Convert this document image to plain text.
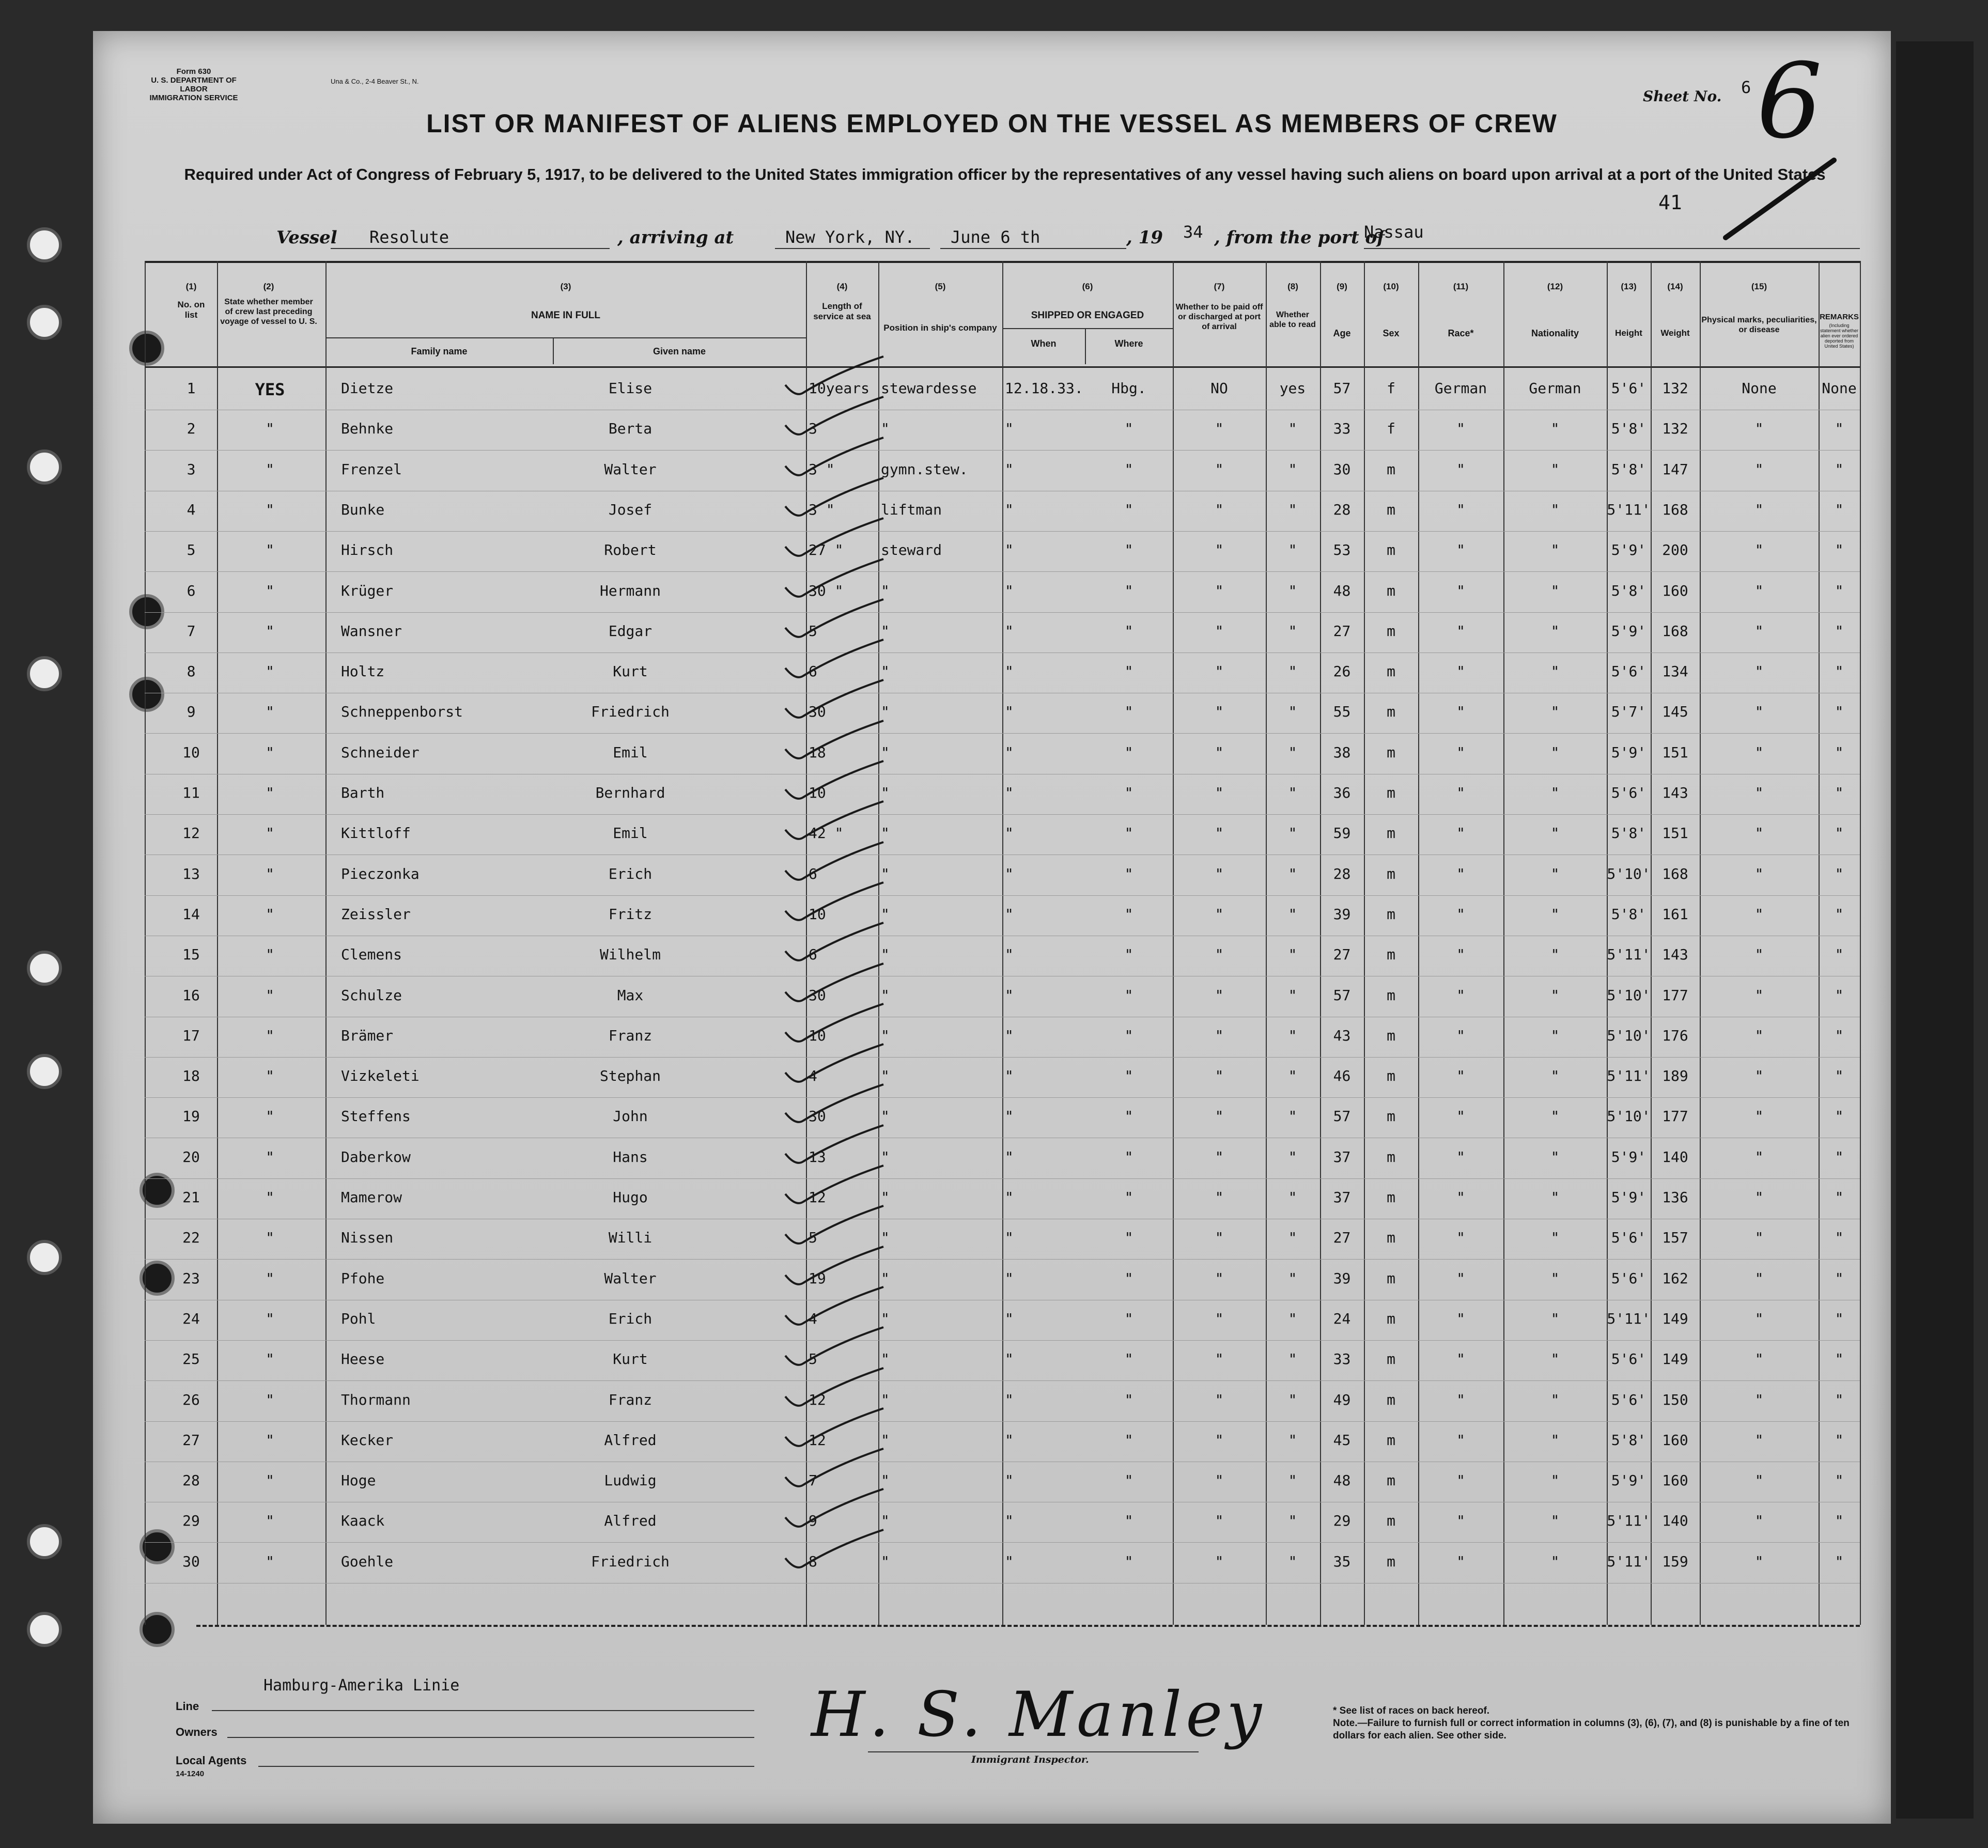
Form 630
U. S. DEPARTMENT OF LABOR
IMMIGRATION SERVICE
Una & Co., 2-4 Beaver St., N.
LIST OR MANIFEST OF ALIENS EMPLOYED ON THE VESSEL AS MEMBERS OF CREW
Required under Act of Congress of February 5, 1917, to be delivered to the United States immigration officer by the representatives of any vessel having such aliens on board upon arrival at a port of the United States
Sheet No. 6 6
41
Vessel Resolute	, arriving at	New York, NY. June 6 th	, 19 34 , from the port of
Nassau
(1)
No. on list
(2)
State whether member of crew last preceding voyage of vessel to U. S.
(3)
NAME IN FULL
Family name	Given name
(4)
Length of service at sea
(5)
Position in ship's company
(6)
SHIPPED OR ENGAGED
When	Where
(7)
Whether to be paid off or discharged at port of arrival
(8)
Whether able to read
(9)
Age
(10)
Sex
(11)
Race*
(12)
Nationality
(13)
Height
(14)
Weight
(15)
Physical marks, peculiarities, or disease
REMARKS
(Including statement whether alien ever ordered deported from United States)
1	YES	Dietze	Elise	10years stewardesse	12.18.33.	Hbg.	NO	yes	57	f	German	German	5'6'	132	None	None
2	"	Behnke	Berta	3	"	"	"	"	"	33	f	"	"	5'8'	132	"	"
3	"	Frenzel	Walter	3 "	gymn.stew.	"	"	"	"	30	m	"	"	5'8'	147	"	"
4	"	Bunke	Josef	3 "	liftman	"	"	"	"	28	m	"	"	5'11' 168	"	"
5	"	Hirsch	Robert	27 "	steward	"	"	"	"	53	m	"	"	5'9'	200	"	"
6	"	Krüger	Hermann	30 "	"	"	"	"	"	48	m	"	"	5'8'	160	"	"
7	"	Wansner	Edgar	5	"	"	"	"	"	27	m	"	"	5'9'	168	"	"
8	"	Holtz	Kurt	6	"	"	"	"	"	26	m	"	"	5'6'	134	"	"
9	"	Schneppenborst	Friedrich	30	"	"	"	"	"	55	m	"	"	5'7'	145	"	"
10	"	Schneider	Emil	18	"	"	"	"	"	38	m	"	"	5'9'	151	"	"
11	"	Barth	Bernhard	10	"	"	"	"	"	36	m	"	"	5'6'	143	"	"
12	"	Kittloff	Emil	42 "	"	"	"	"	"	59	m	"	"	5'8'	151	"	"
13	"	Pieczonka	Erich	6	"	"	"	"	"	28	m	"	"	5'10' 168	"	"
14	"	Zeissler	Fritz	10	"	"	"	"	"	39	m	"	"	5'8'	161	"	"
15	"	Clemens	Wilhelm	6	"	"	"	"	"	27	m	"	"	5'11' 143	"	"
16	"	Schulze	Max	30	"	"	"	"	"	57	m	"	"	5'10' 177	"	"
17	"	Brämer	Franz	10	"	"	"	"	"	43	m	"	"	5'10' 176	"	"
18	"	Vizkeleti	Stephan	4	"	"	"	"	"	46	m	"	"	5'11' 189	"	"
19	"	Steffens	John	30	"	"	"	"	"	57	m	"	"	5'10' 177	"	"
20	"	Daberkow	Hans	13	"	"	"	"	"	37	m	"	"	5'9'	140	"	"
21	"	Mamerow	Hugo	12	"	"	"	"	"	37	m	"	"	5'9'	136	"	"
22	"	Nissen	Willi	5	"	"	"	"	"	27	m	"	"	5'6'	157	"	"
23	"	Pfohe	Walter	19	"	"	"	"	"	39	m	"	"	5'6'	162	"	"
24	"	Pohl	Erich	4	"	"	"	"	"	24	m	"	"	5'11' 149	"	"
25	"	Heese	Kurt	5	"	"	"	"	"	33	m	"	"	5'6'	149	"	"
26	"	Thormann	Franz	12	"	"	"	"	"	49	m	"	"	5'6'	150	"	"
27	"	Kecker	Alfred	12	"	"	"	"	"	45	m	"	"	5'8'	160	"	"
28	"	Hoge	Ludwig	7	"	"	"	"	"	48	m	"	"	5'9'	160	"	"
29	"	Kaack	Alfred	9	"	"	"	"	"	29	m	"	"	5'11' 140	"	"
30	"	Goehle	Friedrich	8	"	"	"	"	"	35	m	"	"	5'11' 159	"	"
Line
Hamburg-Amerika Linie
Owners
Local Agents
14-1240
H. S. Manley
Immigrant Inspector.
* See list of races on back hereof.
Note.—Failure to furnish full or correct information in columns (3), (6), (7), and (8) is punishable by a fine of ten dollars for each alien. See other side.
